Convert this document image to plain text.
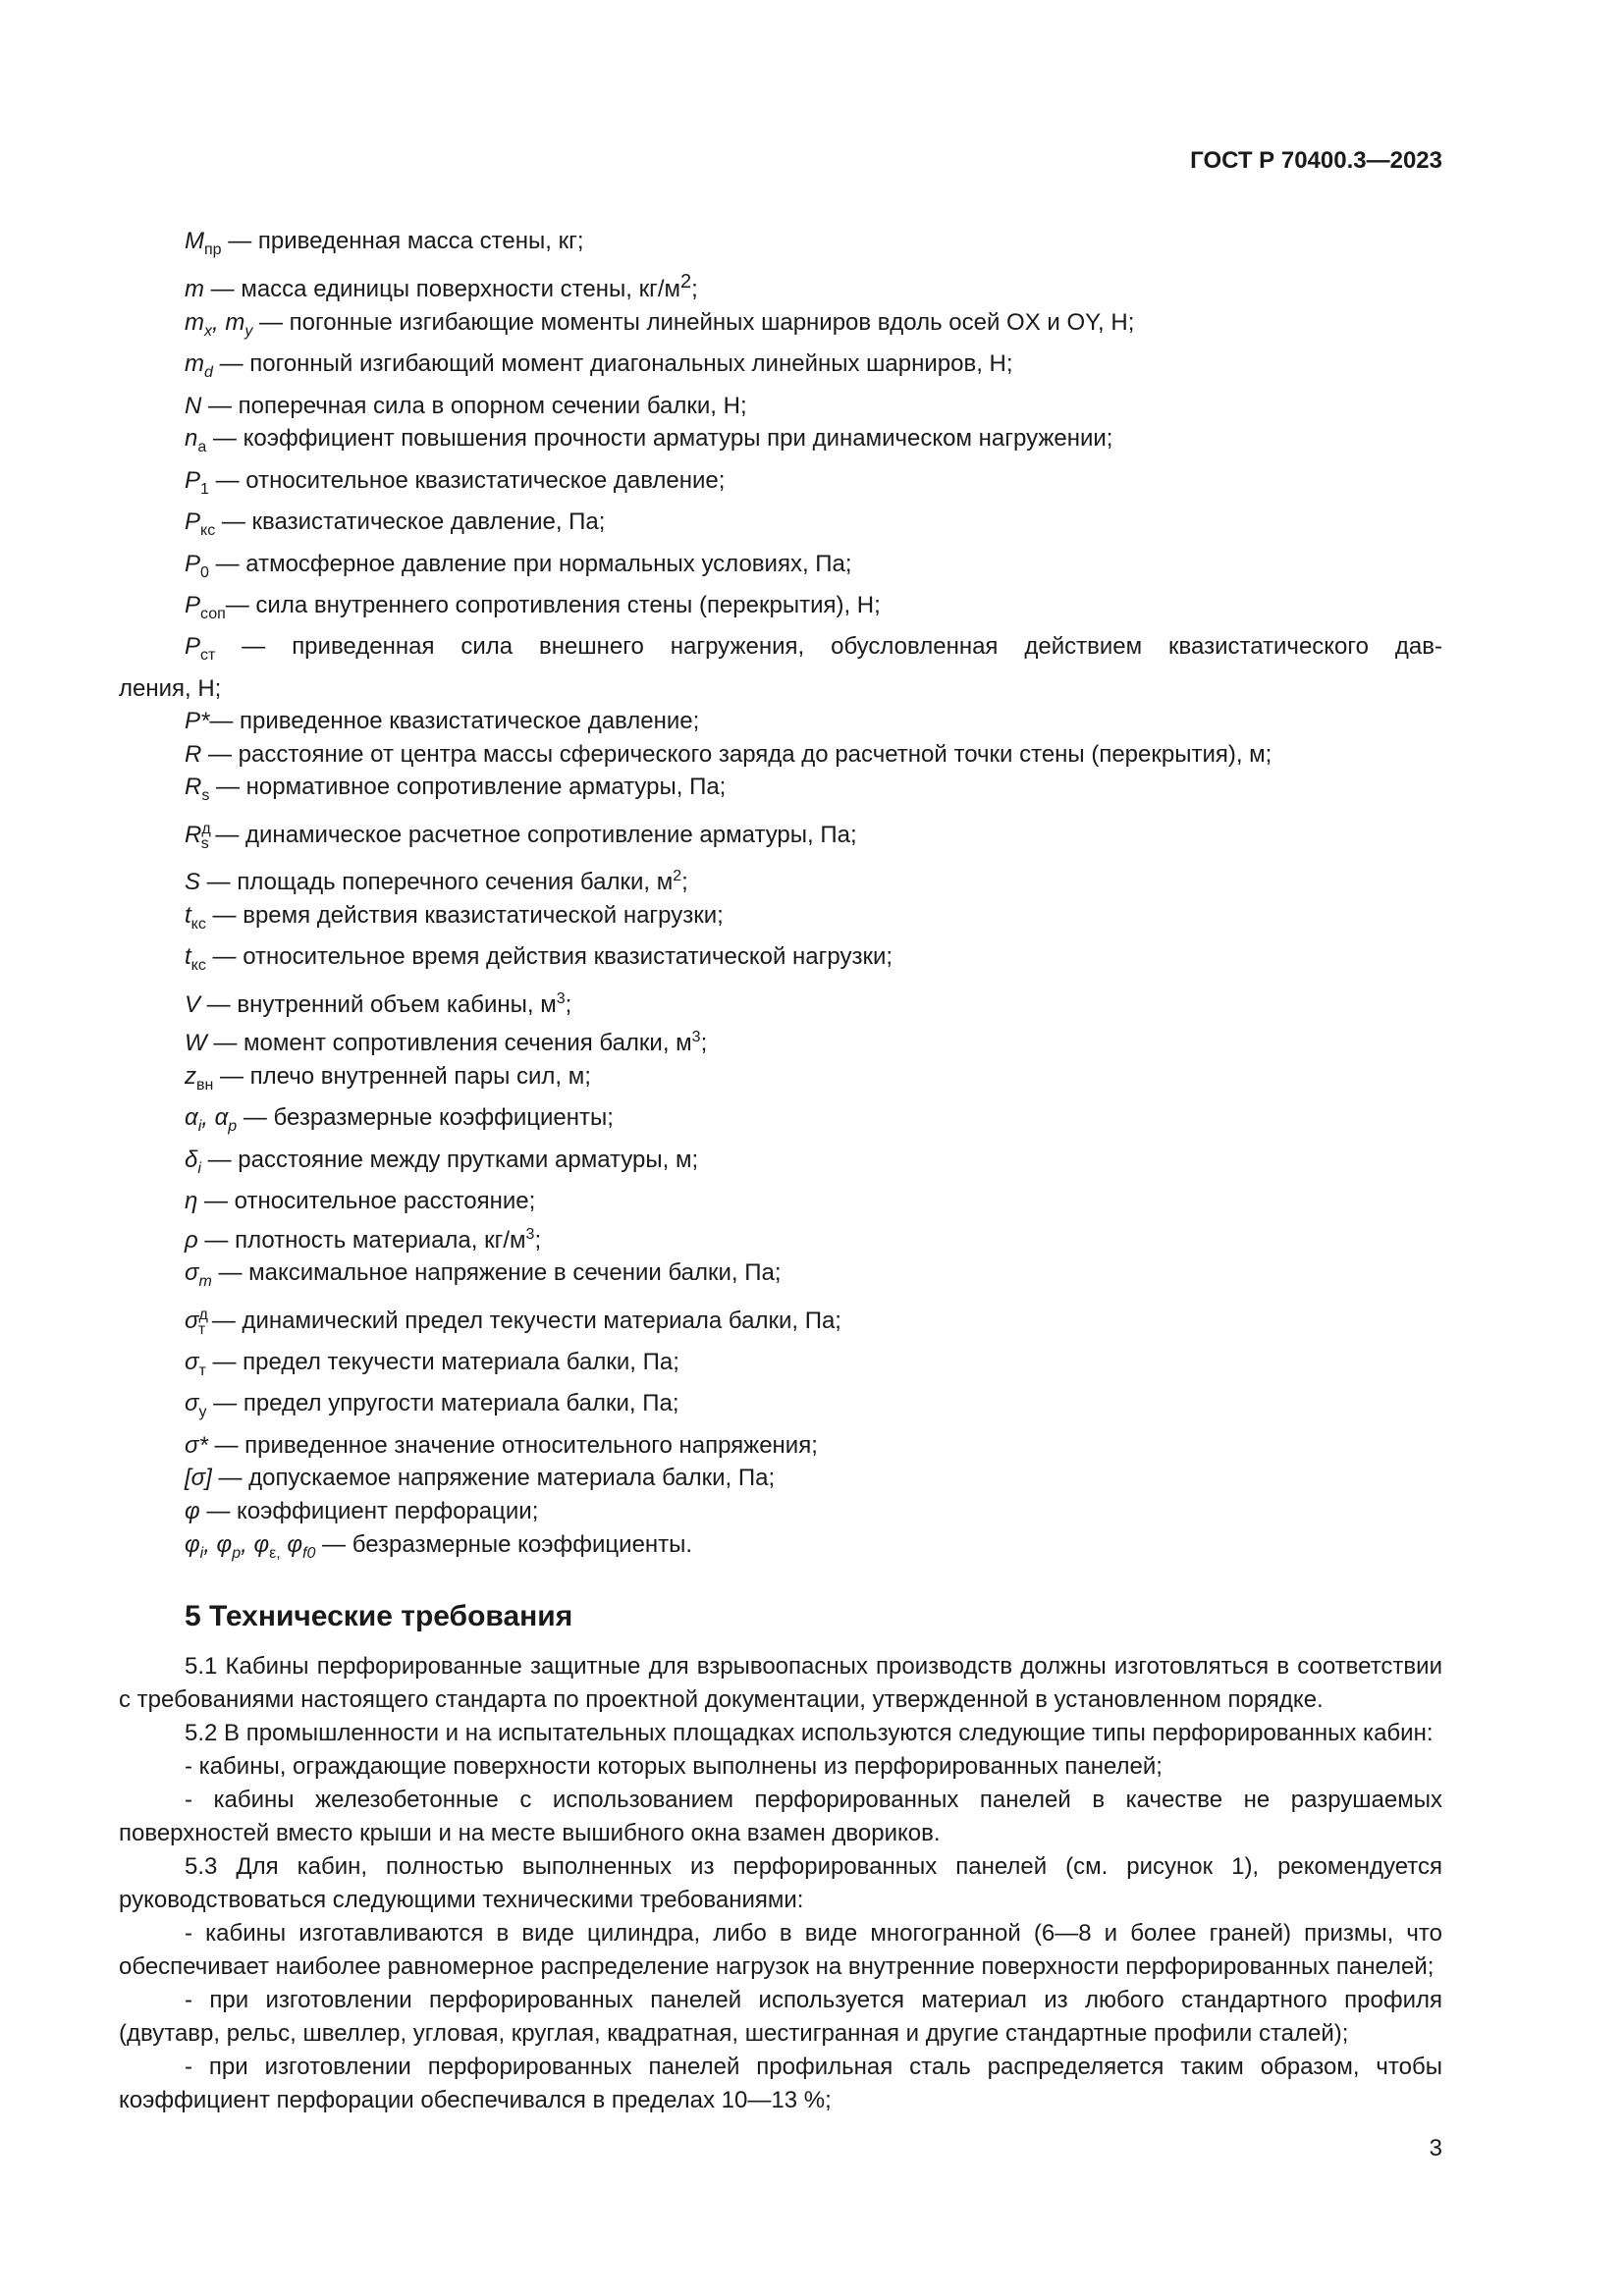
ГОСТ Р 70400.3—2023
$M_{пр}$ — приведенная масса стены, кг;
m — масса единицы поверхности стены, $кг/м^2$;
$m_x$, $m_y$ — погонные изгибающие моменты линейных шарниров вдоль осей OX и OY, Н;
$m_d$ — погонный изгибающий момент диагональных линейных шарниров, Н;
N — поперечная сила в опорном сечении балки, Н;
$n_а$ — коэффициент повышения прочности арматуры при динамическом нагружении;
$P_1$ — относительное квазистатическое давление;
$P_{кс}$ — квазистатическое давление, Па;
$P_0$ — атмосферное давление при нормальных условиях, Па;
$P_{соп}—$ сила внутреннего сопротивления стены (перекрытия), Н;
$P_{ст}$ — приведенная сила внешнего нагружения, обусловленная действием квазистатического дав-
ления, Н;
P*— приведенное квазистатическое давление;
R — расстояние от центра массы сферического заряда до расчетной точки стены (перекрытия), м;
$R_s$ — нормативное сопротивление арматуры, Па;
$R^д_s$ — динамическое расчетное сопротивление арматуры, Па;
S — площадь поперечного сечения балки, $м^2$;
$t_{кс}$ — время действия квазистатической нагрузки;
$t_{кс}$ — относительное время действия квазистатической нагрузки;
V — внутренний объем кабины, $м^3$;
W — момент сопротивления сечения балки, $м^3$;
$z_{вн}$ — плечо внутренней пары сил, м;
$\alpha_i$, $\alpha_p$ — безразмерные коэффициенты;
$\delta_i$ — расстояние между прутками арматуры, м;
η — относительное расстояние;
ρ — плотность материала, $кг/м^3$;
$\sigma_m$ — максимальное напряжение в сечении балки, Па;
$\sigma^д_т$ — динамический предел текучести материала балки, Па;
$\sigma_т$ — предел текучести материала балки, Па;
$\sigma_у$ — предел упругости материала балки, Па;
σ* — приведенное значение относительного напряжения;
[σ] — допускаемое напряжение материала балки, Па;
φ — коэффициент перфорации;
$\varphi_i$, $\varphi_p$, $\varphi_{\varepsilon,}$ $\varphi_{f0}$ — безразмерные коэффициенты.
5 Технические требования
5.1 Кабины перфорированные защитные для взрывоопасных производств должны изготовляться в соответствии с требованиями настоящего стандарта по проектной документации, утвержденной в установленном порядке.
5.2 В промышленности и на испытательных площадках используются следующие типы перфорированных кабин:
- кабины, ограждающие поверхности которых выполнены из перфорированных панелей;
- кабины железобетонные с использованием перфорированных панелей в качестве не разрушаемых поверхностей вместо крыши и на месте вышибного окна взамен двориков.
5.3 Для кабин, полностью выполненных из перфорированных панелей (см. рисунок 1), рекомендуется руководствоваться следующими техническими требованиями:
- кабины изготавливаются в виде цилиндра, либо в виде многогранной (6—8 и более граней) призмы, что обеспечивает наиболее равномерное распределение нагрузок на внутренние поверхности перфорированных панелей;
- при изготовлении перфорированных панелей используется материал из любого стандартного профиля (двутавр, рельс, швеллер, угловая, круглая, квадратная, шестигранная и другие стандартные профили сталей);
- при изготовлении перфорированных панелей профильная сталь распределяется таким образом, чтобы коэффициент перфорации обеспечивался в пределах 10—13 %;
3
